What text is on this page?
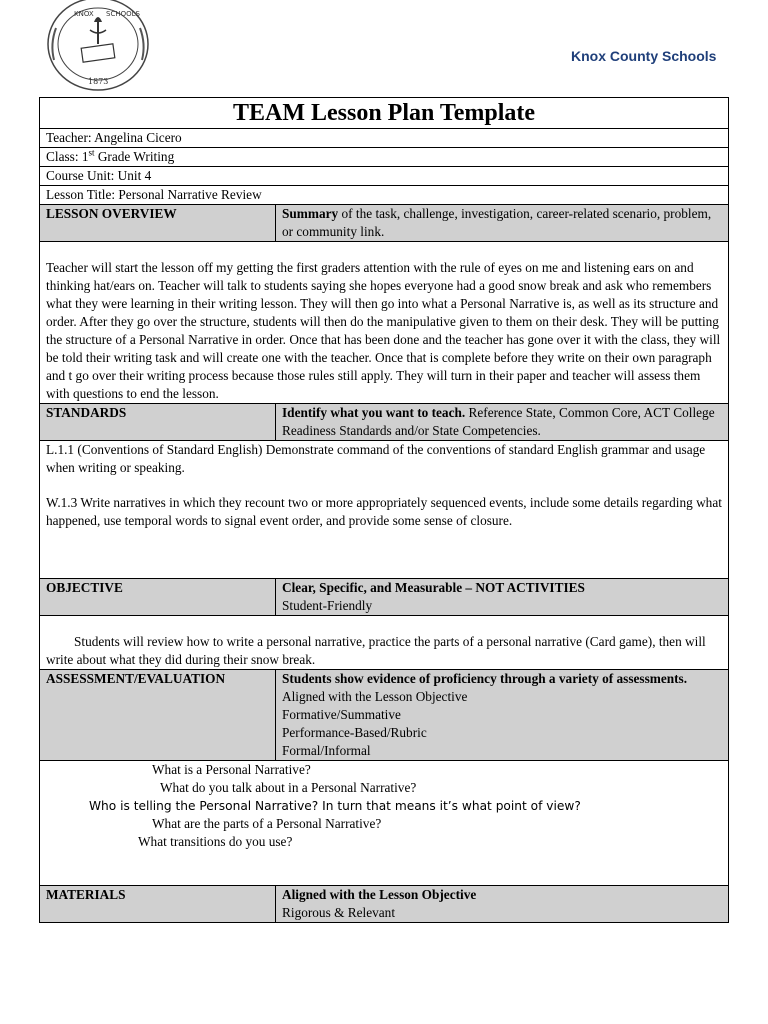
KNOX SCHOOLS
1873
Knox County Schools
TEAM Lesson Plan Template	
Teacher: Angelina Cicero	
Class: 1st Grade Writing	
Course Unit: Unit 4	
Lesson Title: Personal Narrative Review	
LESSON OVERVIEW	Summary of the task, challenge, investigation, career-related scenario, problem, or community link.
Teacher will start the lesson off my getting the first graders attention with the rule of eyes on me and listening ears on and thinking hat/ears on. Teacher will talk to students saying she hopes everyone had a good snow break and ask who remembers what they were learning in their writing lesson. They will then go into what a Personal Narrative is, as well as its structure and order. After they go over the structure, students will then do the manipulative given to them on their desk. They will be putting the structure of a Personal Narrative in order. Once that has been done and the teacher has gone over it with the class, they will be told their writing task and will create one with the teacher. Once that is complete before they write on their own paragraph and t go over their writing process because those rules still apply. They will turn in their paper and teacher will assess them with questions to end the lesson.	
STANDARDS	Identify what you want to teach. Reference State, Common Core, ACT College Readiness Standards and/or State Competencies.

L.1.1 (Conventions of Standard English) Demonstrate command of the conventions of standard English grammar and usage when writing or speaking.
W.1.3 Write narratives in which they recount two or more appropriately sequenced events, include some details regarding what happened, use temporal words to signal event order, and provide some sense of closure.	

OBJECTIVE	Clear, Specific, and Measurable – NOT ACTIVITIES
Student-Friendly

Students will review how to write a personal narrative, practice the parts of a personal narrative (Card game), then will write about what they did during their snow break.	
ASSESSMENT/EVALUATION	Students show evidence of proficiency through a variety of assessments.
Aligned with the Lesson Objective
Formative/Summative
Performance-Based/Rubric
Formal/Informal

What is a Personal Narrative?
What do you talk about in a Personal Narrative?
Who is telling the Personal Narrative? In turn that means it’s what point of view?
What are the parts of a Personal Narrative?
What transitions do you use?	

MATERIALS	Aligned with the Lesson Objective
Rigorous & Relevant
